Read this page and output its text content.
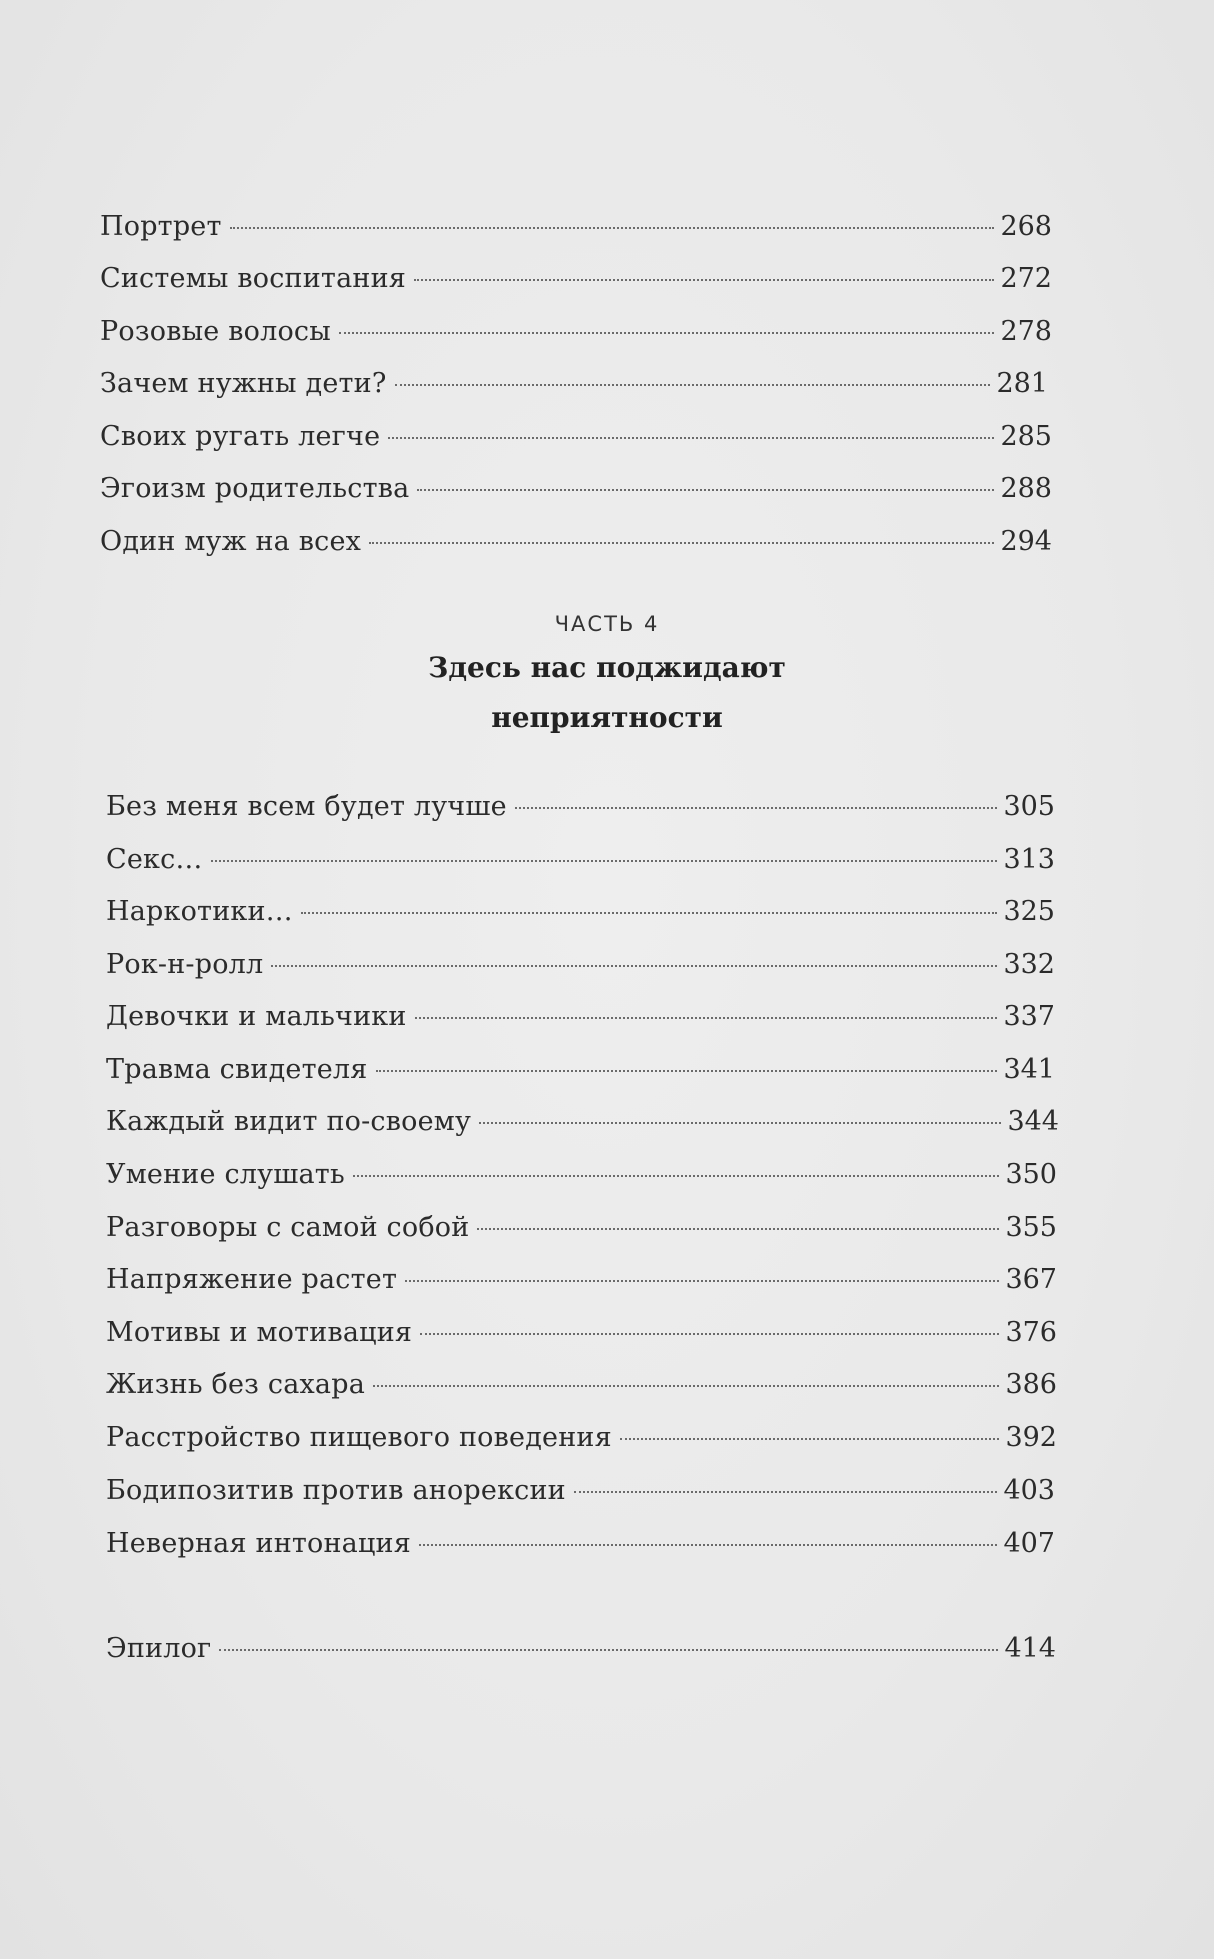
Портрет	268
Системы воспитания	272
Розовые волосы	278
Зачем нужны дети?	281
Своих ругать легче	285
Эгоизм родительства	288
Один муж на всех	294
ЧАСТЬ 4
Здесь нас поджидают
неприятности
Без меня всем будет лучше	305
Секс…	313
Наркотики…	325
Рок-н-ролл	332
Девочки и мальчики	337
Травма свидетеля	341
Каждый видит по-своему	344
Умение слушать	350
Разговоры с самой собой	355
Напряжение растет	367
Мотивы и мотивация	376
Жизнь без сахара	386
Расстройство пищевого поведения	392
Бодипозитив против анорексии	403
Неверная интонация	407
Эпилог	414
